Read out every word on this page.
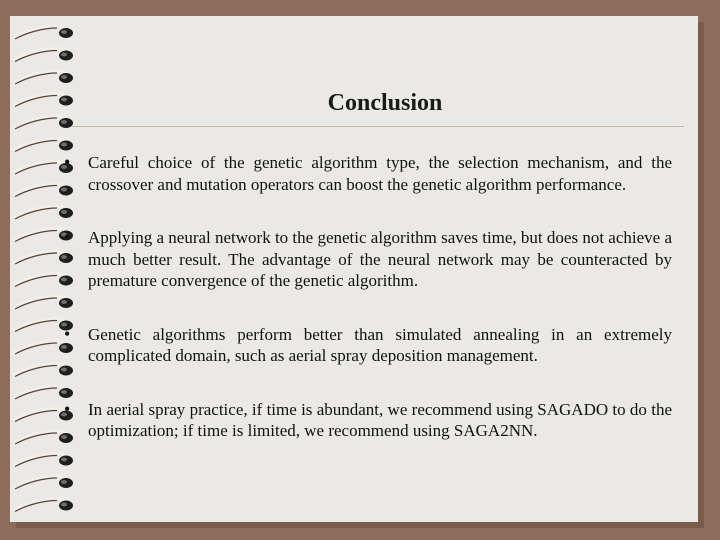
Conclusion
• Careful choice of the genetic algorithm type, the selection mechanism, and the crossover and mutation operators can boost the genetic algorithm performance.
• Applying a neural network to the genetic algorithm saves time, but does not achieve a much better result. The advantage of the neural network may be counteracted by premature convergence of the genetic algorithm.
• Genetic algorithms perform better than simulated annealing in an extremely complicated domain, such as aerial spray deposition management.
• In aerial spray practice, if time is abundant, we recommend using SAGADO to do the optimization; if time is limited, we recommend using SAGA2NN.
